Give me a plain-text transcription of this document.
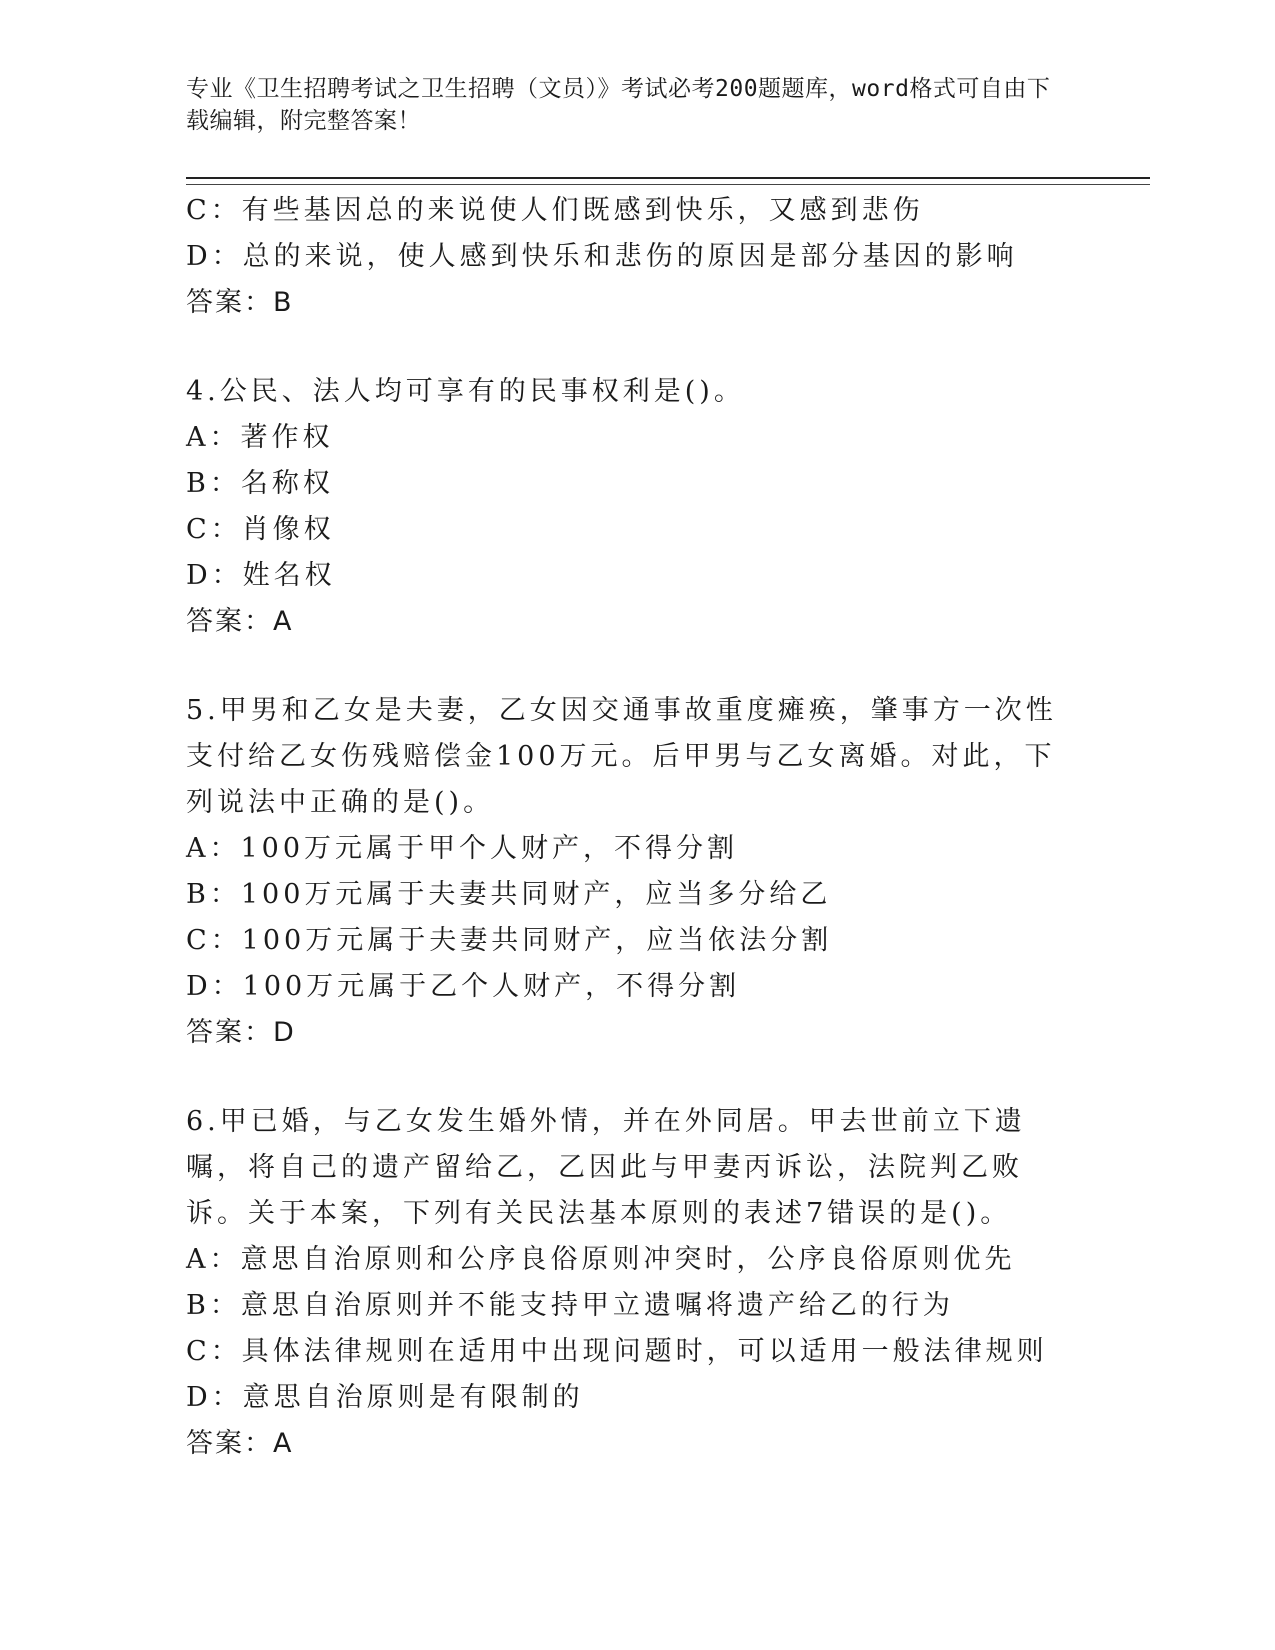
专业《卫生招聘考试之卫生招聘（文员）》考试必考200题题库，word格式可自由下载编辑，附完整答案！
C：有些基因总的来说使人们既感到快乐，又感到悲伤
D：总的来说，使人感到快乐和悲伤的原因是部分基因的影响
答案：B
4.公民、法人均可享有的民事权利是()。
A：著作权
B：名称权
C：肖像权
D：姓名权
答案：A
5.甲男和乙女是夫妻，乙女因交通事故重度瘫痪，肇事方一次性支付给乙女伤残赔偿金100万元。后甲男与乙女离婚。对此，下列说法中正确的是()。
A：100万元属于甲个人财产，不得分割
B：100万元属于夫妻共同财产，应当多分给乙
C：100万元属于夫妻共同财产，应当依法分割
D：100万元属于乙个人财产，不得分割
答案：D
6.甲已婚，与乙女发生婚外情，并在外同居。甲去世前立下遗嘱，将自己的遗产留给乙，乙因此与甲妻丙诉讼，法院判乙败诉。关于本案，下列有关民法基本原则的表述7错误的是()。
A：意思自治原则和公序良俗原则冲突时，公序良俗原则优先
B：意思自治原则并不能支持甲立遗嘱将遗产给乙的行为
C：具体法律规则在适用中出现问题时，可以适用一般法律规则
D：意思自治原则是有限制的
答案：A
